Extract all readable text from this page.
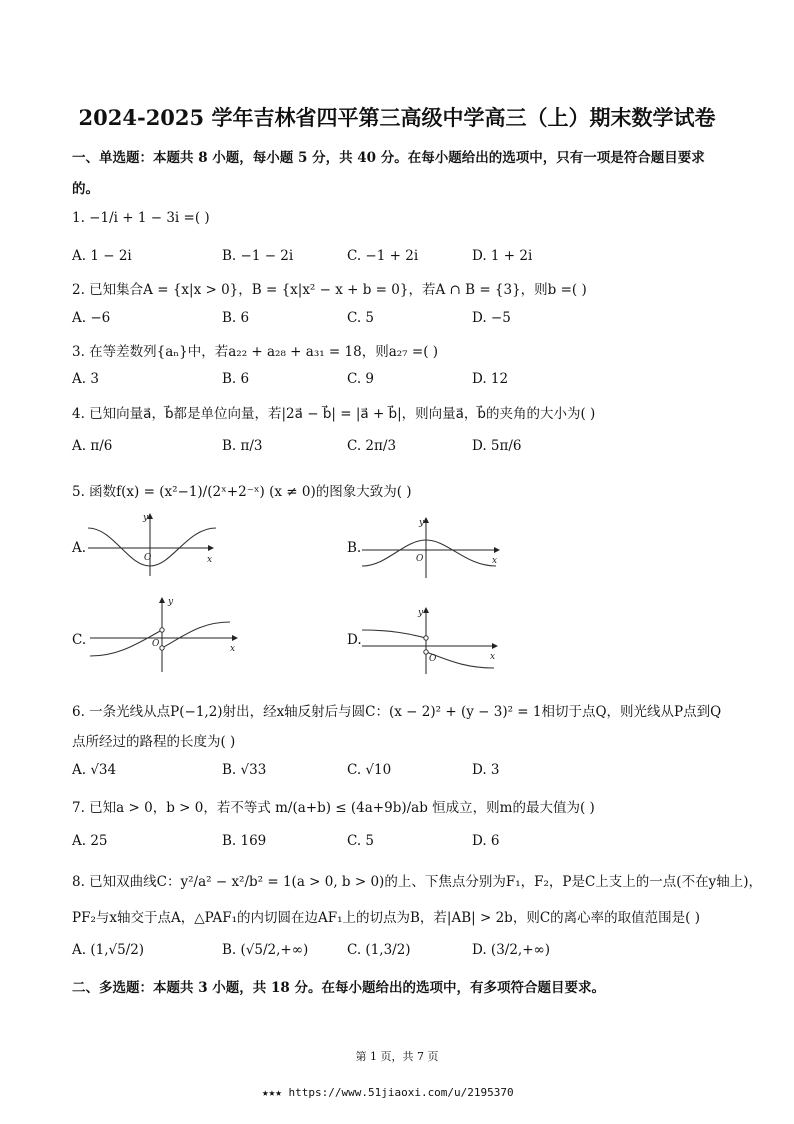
2024-2025 学年吉林省四平第三高级中学高三（上）期末数学试卷
一、单选题：本题共 8 小题，每小题 5 分，共 40 分。在每小题给出的选项中，只有一项是符合题目要求
的。
1. −1/i + 1 − 3i =( )
A. 1 − 2i	B. −1 − 2i	C. −1 + 2i	D. 1 + 2i
2. 已知集合A = {x|x > 0}，B = {x|x² − x + b = 0}，若A ∩ B = {3}，则b =( )
A. −6	B. 6	C. 5	D. −5
3. 在等差数列{aₙ}中，若a₂₂ + a₂₈ + a₃₁ = 18，则a₂₇ =( )
A. 3	B. 6	C. 9	D. 12
4. 已知向量a⃗，b⃗都是单位向量，若|2a⃗ − b⃗| = |a⃗ + b⃗|，则向量a⃗，b⃗的夹角的大小为( )
A. π/6	B. π/3	C. 2π/3	D. 5π/6
5. 函数f(x) = (x²−1)/(2ˣ+2⁻ˣ) (x ≠ 0)的图象大致为( )
A.
y
x
O
B.
y
x
O
C.
y
x
O	D.
y
x
O
6. 一条光线从点P(−1,2)射出，经x轴反射后与圆C：(x − 2)² + (y − 3)² = 1相切于点Q，则光线从P点到Q
点所经过的路程的长度为( )
A. √34	B. √33	C. √10	D. 3
7. 已知a > 0，b > 0，若不等式 m/(a+b) ≤ (4a+9b)/ab 恒成立，则m的最大值为( )
A. 25	B. 169	C. 5	D. 6
8. 已知双曲线C：y²/a² − x²/b² = 1(a > 0, b > 0)的上、下焦点分别为F₁，F₂，P是C上支上的一点(不在y轴上)，
PF₂与x轴交于点A，△PAF₁的内切圆在边AF₁上的切点为B，若|AB| > 2b，则C的离心率的取值范围是( )
A. (1,√5/2)	B. (√5/2,+∞)	C. (1,3/2)	D. (3/2,+∞)
二、多选题：本题共 3 小题，共 18 分。在每小题给出的选项中，有多项符合题目要求。
第 1 页，共 7 页
★★★ https://www.51jiaoxi.com/u/2195370
